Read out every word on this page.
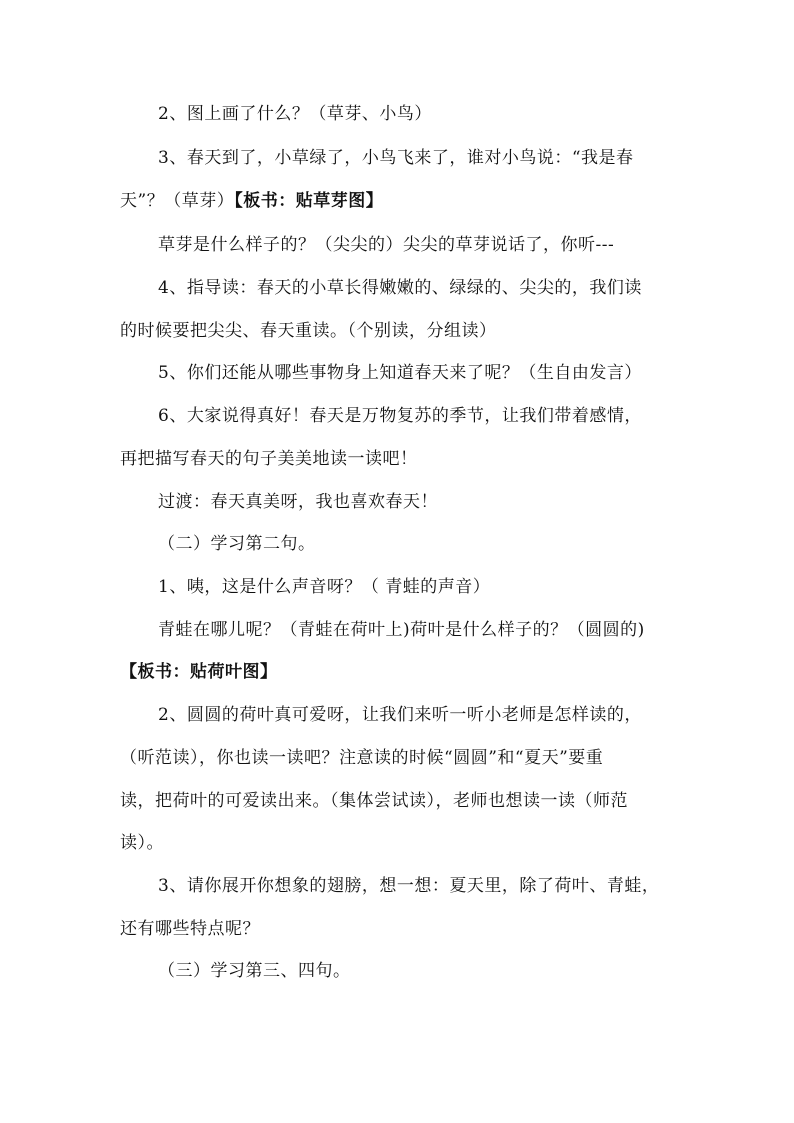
2、图上画了什么？（草芽、小鸟）
3、春天到了，小草绿了，小鸟飞来了，谁对小鸟说：“我是春
天”？（草芽）【板书：贴草芽图】
草芽是什么样子的？（尖尖的）尖尖的草芽说话了，你听---
4、指导读：春天的小草长得嫩嫩的、绿绿的、尖尖的，我们读
的时候要把尖尖、春天重读。（个别读，分组读）
5、你们还能从哪些事物身上知道春天来了呢？（生自由发言）
6、大家说得真好！春天是万物复苏的季节，让我们带着感情，
再把描写春天的句子美美地读一读吧！
过渡：春天真美呀，我也喜欢春天！
（二）学习第二句。
1、咦，这是什么声音呀？（ 青蛙的声音）
青蛙在哪儿呢？（青蛙在荷叶上)荷叶是什么样子的？（圆圆的)
【板书：贴荷叶图】
2、圆圆的荷叶真可爱呀，让我们来听一听小老师是怎样读的，
（听范读），你也读一读吧？注意读的时候“圆圆”和“夏天”要重
读，把荷叶的可爱读出来。（集体尝试读），老师也想读一读（师范
读）。
3、请你展开你想象的翅膀，想一想：夏天里，除了荷叶、青蛙，
还有哪些特点呢？
（三）学习第三、四句。
